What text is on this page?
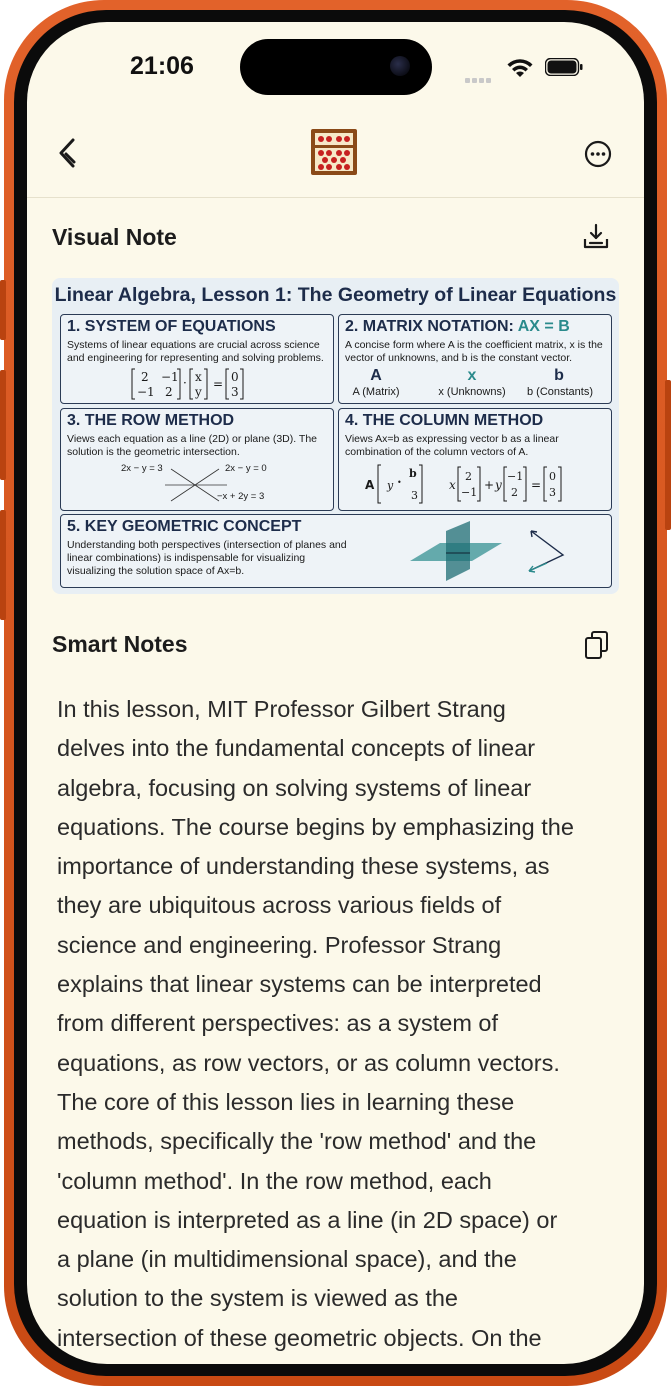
21:06
Visual Note
Linear Algebra, Lesson 1: The Geometry of Linear Equations
1. SYSTEM OF EQUATIONS
Systems of linear equations are crucial across science and engineering for representing and solving problems.
2 −1
−1 2
· x
y
= 0
3
2. MATRIX NOTATION: AX = B
A concise form where A is the coefficient matrix, x is the vector of unknowns, and b is the constant vector.
A	x	b
A (Matrix)	x (Unknowns)	b (Constants)
3. THE ROW METHOD
Views each equation as a line (2D) or plane (3D). The solution is the geometric intersection.
2x − y = 3	2x − y = 0
−x + 2y = 3
4. THE COLUMN METHOD
Views Ax=b as expressing vector b as a linear combination of the column vectors of A.
A y •
b
3
x
2
−1
+ y
−1
2
=
0
3
5. KEY GEOMETRIC CONCEPT
Understanding both perspectives (intersection of planes and linear combinations) is indispensable for visualizing visualizing the solution space of Ax=b.
Smart Notes
In this lesson, MIT Professor Gilbert Strang
delves into the fundamental concepts of linear
algebra, focusing on solving systems of linear
equations. The course begins by emphasizing the
importance of understanding these systems, as
they are ubiquitous across various fields of
science and engineering. Professor Strang
explains that linear systems can be interpreted
from different perspectives: as a system of
equations, as row vectors, or as column vectors.
The core of this lesson lies in learning these
methods, specifically the 'row method' and the
'column method'. In the row method, each
equation is interpreted as a line (in 2D space) or
a plane (in multidimensional space), and the
solution to the system is viewed as the
intersection of these geometric objects. On the
